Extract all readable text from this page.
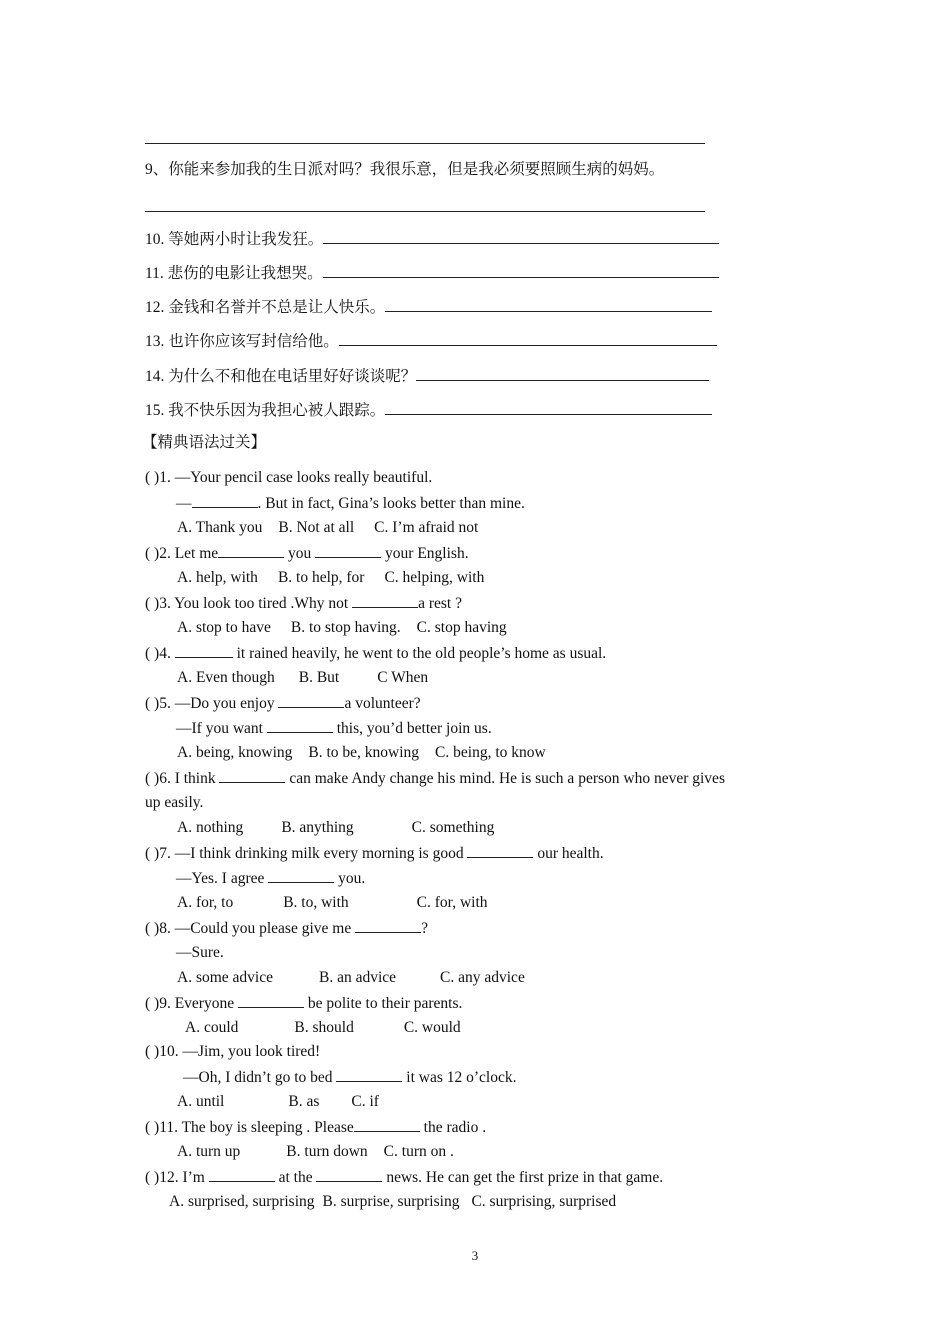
9、你能来参加我的生日派对吗？我很乐意，但是我必须要照顾生病的妈妈。
10. 等她两小时让我发狂。
11. 悲伤的电影让我想哭。
12. 金钱和名誉并不总是让人快乐。
13. 也许你应该写封信给他。
14. 为什么不和他在电话里好好谈谈呢？
15. 我不快乐因为我担心被人跟踪。
【精典语法过关】
( )1. —Your pencil case looks really beautiful.
—	. But in fact, Gina’s looks better than mine.
A. Thank you B. Not at all C. I’m afraid not
( )2. Let me	you	your English.
A. help, with B. to help, for C. helping, with
( )3. You look too tired .Why not	a rest ?
A. stop to have B. to stop having. C. stop having
( )4.	it rained heavily, he went to the old people’s home as usual.
A. Even though B. But C When
( )5. —Do you enjoy	a volunteer?
—If you want	this, you’d better join us.
A. being, knowing B. to be, knowing C. being, to know
( )6. I think	can make Andy change his mind. He is such a person who never gives
up easily.
A. nothing B. anything	C. something
( )7. —I think drinking milk every morning is good	our health.
—Yes. I agree	you.
A. for, to	B. to, with	C. for, with
( )8. —Could you please give me	?
—Sure.
A. some advice	B. an advice	C. any advice
( )9. Everyone	be polite to their parents.
A. could	B. should	C. would
( )10. —Jim, you look tired!
—Oh, I didn’t go to bed	it was 12 o’clock.
A. until	B. as C. if
( )11. The boy is sleeping . Please	the radio .
A. turn up	B. turn down C. turn on .
( )12. I’m	at the	news. He can get the first prize in that game.
A. surprised, surprising B. surprise, surprising C. surprising, surprised
3
